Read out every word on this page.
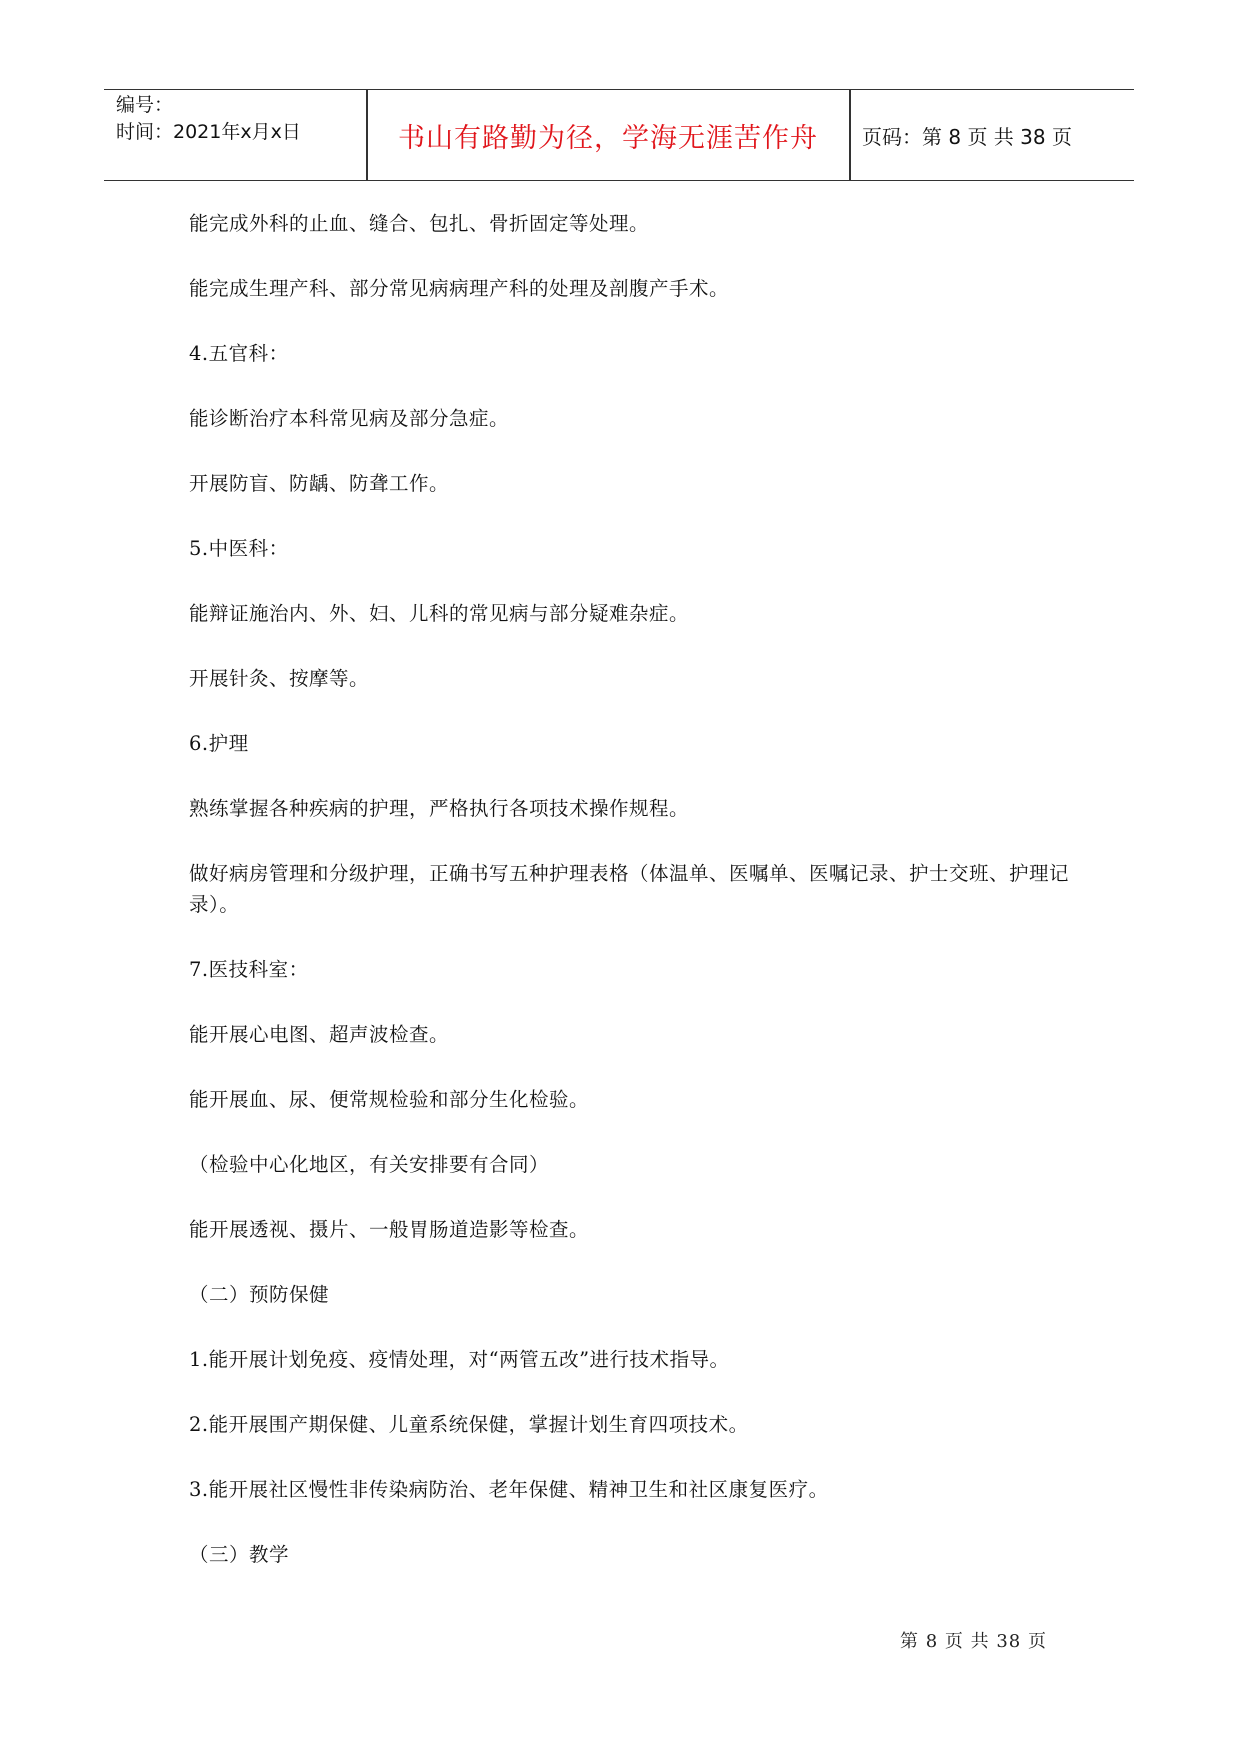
编号：
时间：2021年x月x日	书山有路勤为径，学海无涯苦作舟	页码：第 8 页 共 38 页

能完成外科的止血、缝合、包扎、骨折固定等处理。

能完成生理产科、部分常见病病理产科的处理及剖腹产手术。

4.五官科：

能诊断治疗本科常见病及部分急症。

开展防盲、防龋、防聋工作。

5.中医科：

能辩证施治内、外、妇、儿科的常见病与部分疑难杂症。

开展针灸、按摩等。

6.护理

熟练掌握各种疾病的护理，严格执行各项技术操作规程。

做好病房管理和分级护理，正确书写五种护理表格（体温单、医嘱单、医嘱记录、护士交班、护理记录）。

7.医技科室：

能开展心电图、超声波检查。

能开展血、尿、便常规检验和部分生化检验。

（检验中心化地区，有关安排要有合同）

能开展透视、摄片、一般胃肠道造影等检查。

（二）预防保健

1.能开展计划免疫、疫情处理，对“两管五改”进行技术指导。

2.能开展围产期保健、儿童系统保健，掌握计划生育四项技术。

3.能开展社区慢性非传染病防治、老年保健、精神卫生和社区康复医疗。

（三）教学

第 8 页 共 38 页
